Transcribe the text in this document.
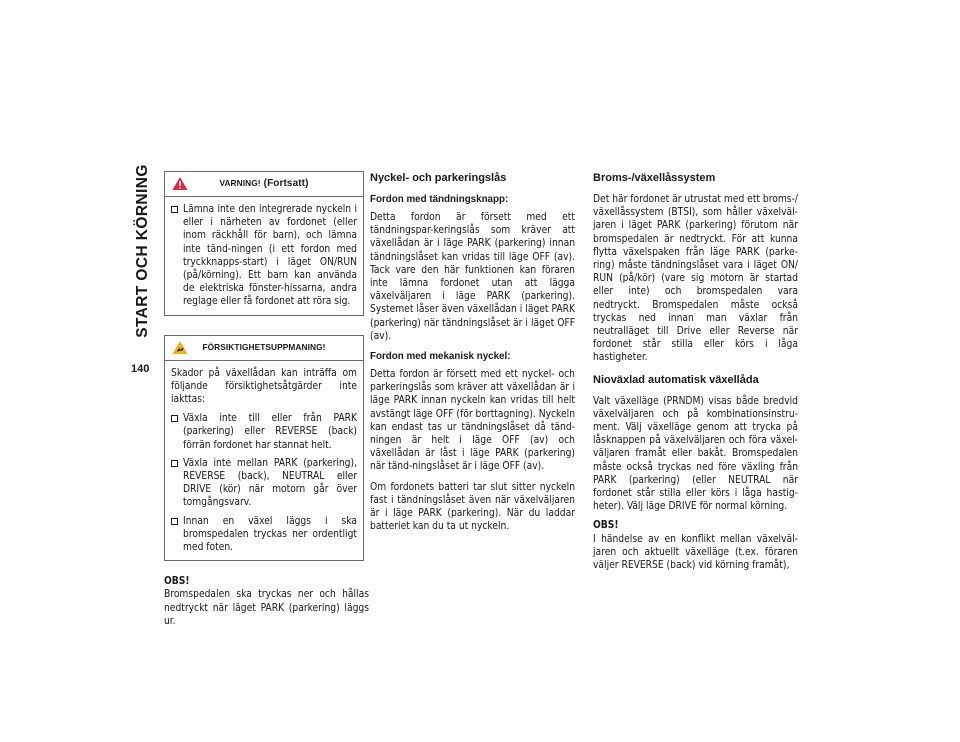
START OCH KÖRNING
140
VARNING! (Fortsatt)
Lämna inte den integrerade nyckeln i eller i närheten av fordonet (eller inom räckhåll för barn), och lämna inte tänd-ningen (i ett fordon med tryckknapps-start) i läget ON/RUN (på/körning). Ett barn kan använda de elektriska fönster-hissarna, andra reglage eller få fordonet att röra sig.
FÖRSIKTIGHETSUPPMANING!

Skador på växellådan kan inträffa om följande försiktighetsåtgärder inte iakttas:

Växla inte till eller från PARK (parkering) eller REVERSE (back) förrän fordonet har stannat helt.
Växla inte mellan PARK (parkering), REVERSE (back), NEUTRAL eller DRIVE (kör) när motorn går över tomgångsvarv.
Innan en växel läggs i ska bromspedalen tryckas ner ordentligt med foten.
OBS!

Bromspedalen ska tryckas ner och hållas nedtryckt när läget PARK (parkering) läggs ur.

Nyckel- och parkeringslås
Fordon med tändningsknapp:

Detta fordon är försett med ett tändningspar-keringslås som kräver att växellådan är i läge PARK (parkering) innan tändningslåset kan vridas till läge OFF (av). Tack vare den här funktionen kan föraren inte lämna fordonet utan att lägga växelväljaren i läge PARK (parkering). Systemet låser även växellådan i läget PARK (parkering) när tändningslåset är i läget OFF (av).

Fordon med mekanisk nyckel:

Detta fordon är försett med ett nyckel- och parkeringslås som kräver att växellådan är i läge PARK innan nyckeln kan vridas till helt avstängt läge OFF (för borttagning). Nyckeln kan endast tas ur tändningslåset då tänd-ningen är helt i läge OFF (av) och växellådan är låst i läge PARK (parkering) när tänd-ningslåset är i läge OFF (av).

Om fordonets batteri tar slut sitter nyckeln fast i tändningslåset även när växelväljaren är i läge PARK (parkering). När du laddar batteriet kan du ta ut nyckeln.

Broms-/växellåssystem

Det här fordonet är utrustat med ett broms-/ växellåssystem (BTSI), som håller växelväl-jaren i läget PARK (parkering) förutom när bromspedalen är nedtryckt. För att kunna flytta växelspaken från läge PARK (parke-ring) måste tändningslåset vara i läget ON/ RUN (på/kör) (vare sig motorn är startad eller inte) och bromspedalen vara nedtryckt. Bromspedalen måste också tryckas ned innan man växlar från neutralläget till Drive eller Reverse när fordonet står stilla eller körs i låga hastigheter.

Nioväxlad automatisk växellåda

Valt växelläge (PRNDM) visas både bredvid växelväljaren och på kombinationsinstru-ment. Välj växelläge genom att trycka på låsknappen på växelväljaren och föra växel-väljaren framåt eller bakåt. Bromspedalen måste också tryckas ned före växling från PARK (parkering) (eller NEUTRAL när fordonet står stilla eller körs i låga hastig-heter). Välj läge DRIVE för normal körning.

OBS!

I händelse av en konflikt mellan växelväl-jaren och aktuellt växelläge (t.ex. föraren väljer REVERSE (back) vid körning framåt),
